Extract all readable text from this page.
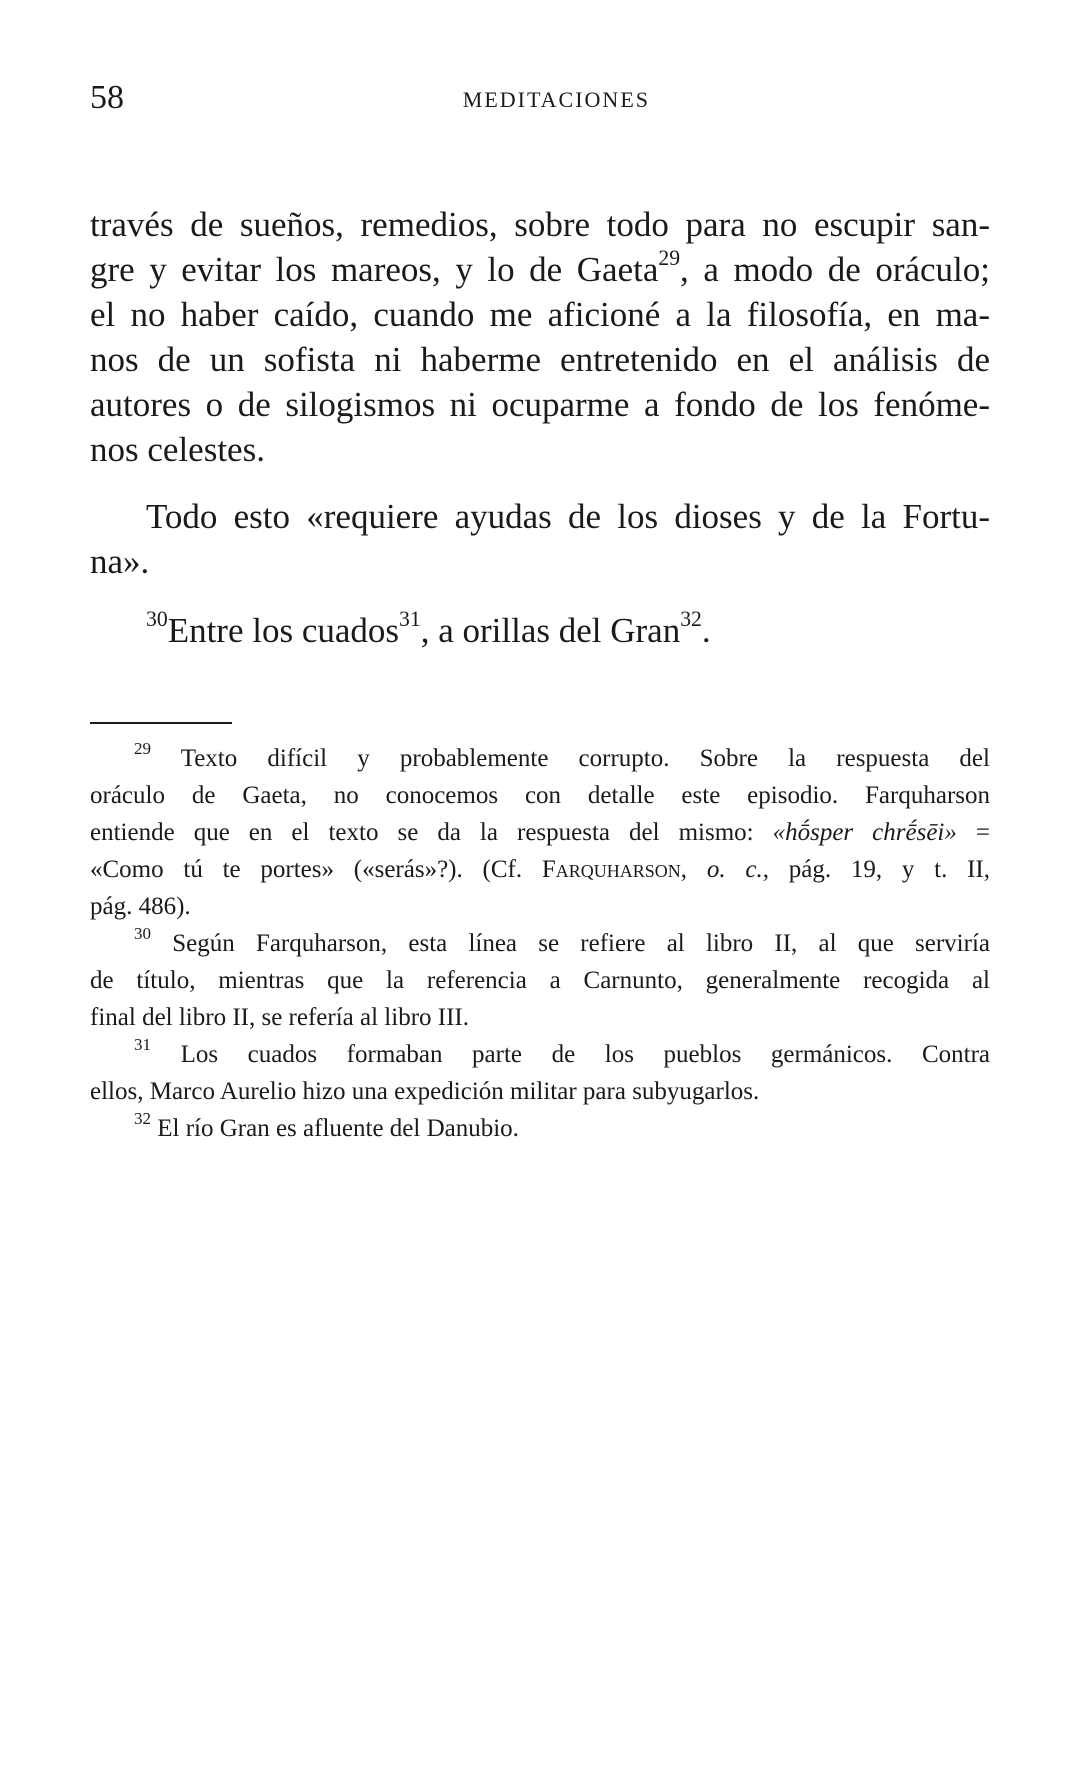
58	MEDITACIONES

través de sueños, remedios, sobre todo para no escupir san-
gre y evitar los mareos, y lo de Gaeta$^{29}$, a modo de oráculo;
el no haber caído, cuando me aficioné a la filosofía, en ma-
nos de un sofista ni haberme entretenido en el análisis de
autores o de silogismos ni ocuparme a fondo de los fenóme-
nos celestes.

Todo esto «requiere ayudas de los dioses y de la Fortu-
na».

$^{30}$Entre los cuados$^{31}$, a orillas del Gran$^{32}$.

$^{29}$ Texto difícil y probablemente corrupto. Sobre la respuesta del
oráculo de Gaeta, no conocemos con detalle este episodio. Farquharson
entiende que en el texto se da la respuesta del mismo: «hṓsper chrḗsēi» =
«Como tú te portes» («serás»?). (Cf. Farquharson, o. c., pág. 19, y t. II,
pág. 486).
$^{30}$ Según Farquharson, esta línea se refiere al libro II, al que serviría
de título, mientras que la referencia a Carnunto, generalmente recogida al
final del libro II, se refería al libro III.
$^{31}$ Los cuados formaban parte de los pueblos germánicos. Contra
ellos, Marco Aurelio hizo una expedición militar para subyugarlos.
$^{32}$ El río Gran es afluente del Danubio.
